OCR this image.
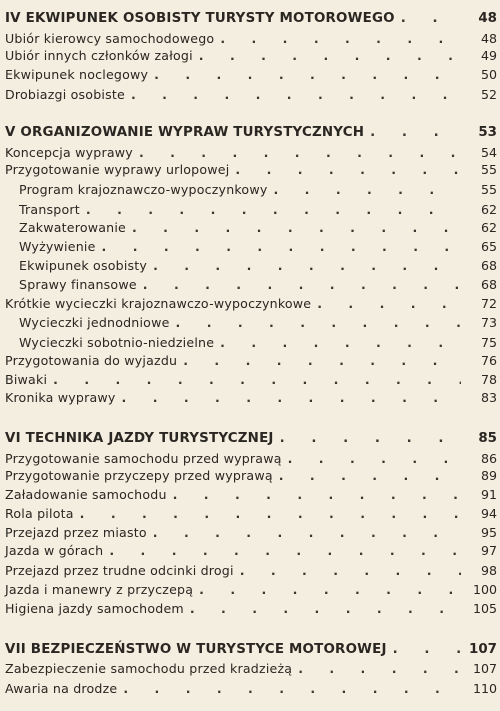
IV EKWIPUNEK OSOBISTY TURYSTY MOTOROWEGO . . .	48
Ubiór kierowcy samochodowego . . .	48
Ubiór innych członków załogi . . .	49
Ekwipunek noclegowy . . .	50
Drobiazgi osobiste . . .	52
V ORGANIZOWANIE WYPRAW TURYSTYCZNYCH . . .	53
Koncepcja wyprawy . . .	54
Przygotowanie wyprawy urlopowej . . .	55
Program krajoznawczo-wypoczynkowy . . .	55
Transport . . .	62
Zakwaterowanie . . .	62
Wyżywienie . . .	65
Ekwipunek osobisty . . .	68
Sprawy finansowe . . .	68
Krótkie wycieczki krajoznawczo-wypoczynkowe . . .	72
Wycieczki jednodniowe . . .	73
Wycieczki sobotnio-niedzielne . . .	75
Przygotowania do wyjazdu . . .	76
Biwaki . . .	78
Kronika wyprawy . . .	83
VI TECHNIKA JAZDY TURYSTYCZNEJ . . .	85
Przygotowanie samochodu przed wyprawą . . .	86
Przygotowanie przyczepy przed wyprawą . . .	89
Załadowanie samochodu . . .	91
Rola pilota . . .	94
Przejazd przez miasto . . .	95
Jazda w górach . . .	97
Przejazd przez trudne odcinki drogi . . .	98
Jazda i manewry z przyczepą . . .	100
Higiena jazdy samochodem . . .	105
VII BEZPIECZEŃSTWO W TURYSTYCE MOTOROWEJ . . .	107
Zabezpieczenie samochodu przed kradzieżą . . .	107
Awaria na drodze . . .	110
